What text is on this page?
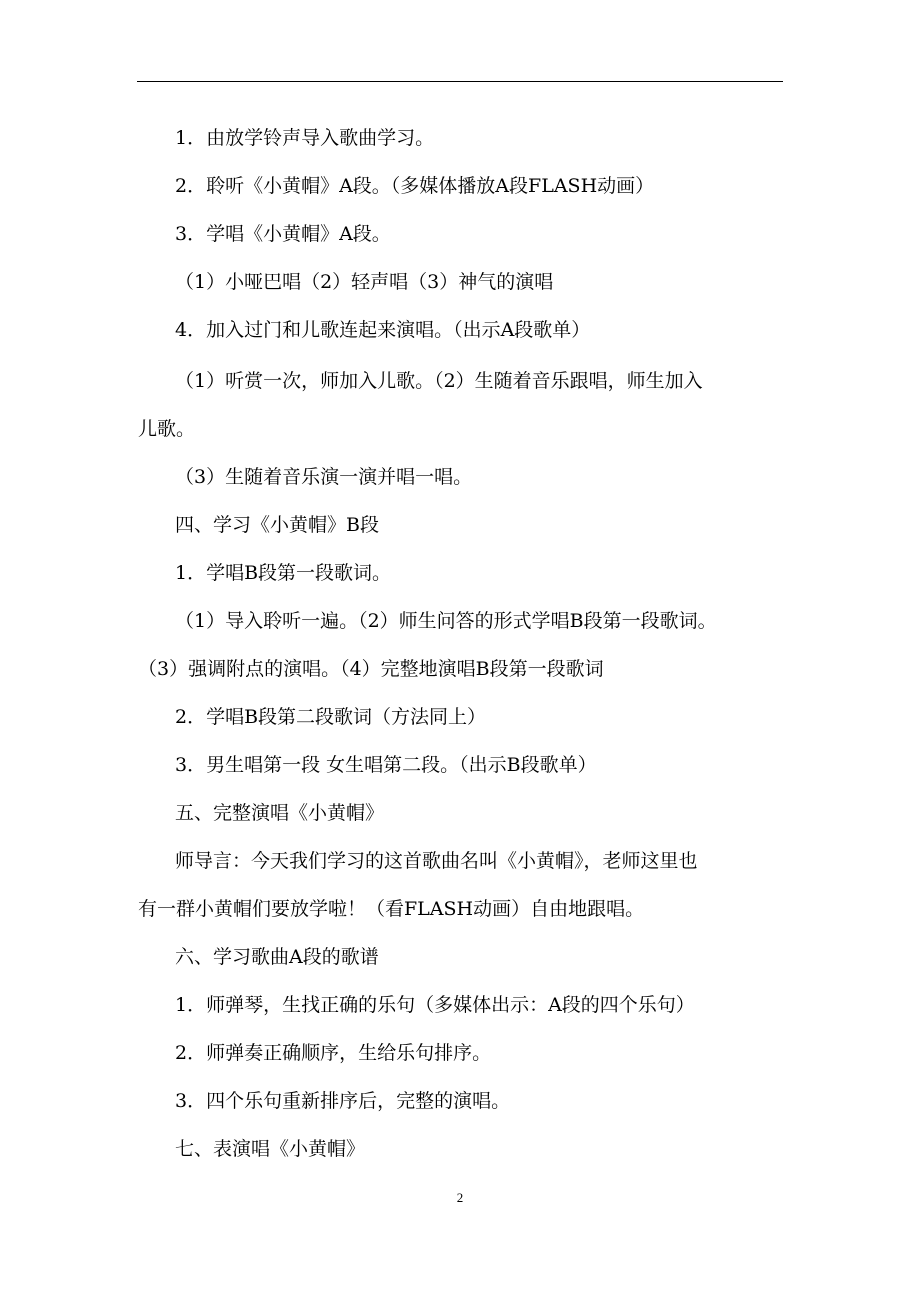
1．由放学铃声导入歌曲学习。
2．聆听《小黄帽》A段。（多媒体播放A段FLASH动画）
3．学唱《小黄帽》A段。
（1）小哑巴唱（2）轻声唱（3）神气的演唱
4．加入过门和儿歌连起来演唱。（出示A段歌单）
（1）听赏一次，师加入儿歌。（2）生随着音乐跟唱，师生加入
儿歌。
（3）生随着音乐演一演并唱一唱。
四、学习《小黄帽》B段
1．学唱B段第一段歌词。
（1）导入聆听一遍。（2）师生问答的形式学唱B段第一段歌词。
（3）强调附点的演唱。（4）完整地演唱B段第一段歌词
2．学唱B段第二段歌词（方法同上）
3．男生唱第一段 女生唱第二段。（出示B段歌单）
五、完整演唱《小黄帽》
师导言：今天我们学习的这首歌曲名叫《小黄帽》，老师这里也
有一群小黄帽们要放学啦！（看FLASH动画）自由地跟唱。
六、学习歌曲A段的歌谱
1．师弹琴，生找正确的乐句（多媒体出示：A段的四个乐句）
2．师弹奏正确顺序，生给乐句排序。
3．四个乐句重新排序后，完整的演唱。
七、表演唱《小黄帽》
2
